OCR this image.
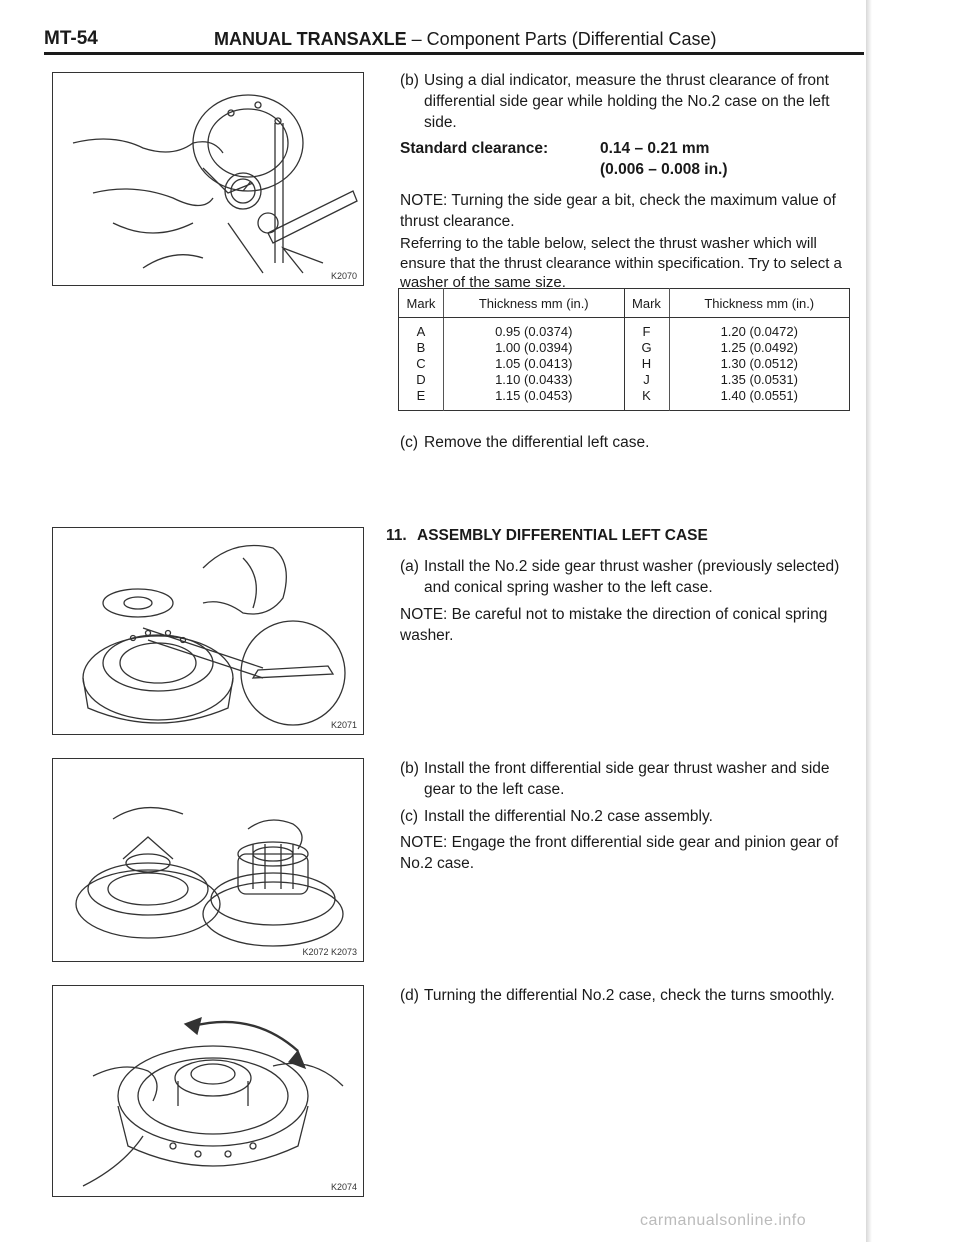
MT-54	MANUAL TRANSAXLE – Component Parts (Differential Case)
K2070
K2071
K2072 K2073
K2074
(b) Using a dial indicator, measure the thrust clearance of front differential side gear while holding the No.2 case on the left side.
Standard clearance:	0.14 – 0.21 mm
(0.006 – 0.008 in.)
NOTE: Turning the side gear a bit, check the maximum value of thrust clearance.
Referring to the table below, select the thrust washer which will ensure that the thrust clearance within specification. Try to select a washer of the same size.
Mark	Thickness mm (in.)	Mark	Thickness mm (in.)
A	0.95 (0.0374)	F	1.20 (0.0472)
B	1.00 (0.0394)	G	1.25 (0.0492)
C	1.05 (0.0413)	H	1.30 (0.0512)
D	1.10 (0.0433)	J	1.35 (0.0531)
E	1.15 (0.0453)	K	1.40 (0.0551)
(c) Remove the differential left case.
11. ASSEMBLY DIFFERENTIAL LEFT CASE
(a) Install the No.2 side gear thrust washer (previously selected) and conical spring washer to the left case.
NOTE: Be careful not to mistake the direction of conical spring washer.
(b) Install the front differential side gear thrust washer and side gear to the left case.
(c) Install the differential No.2 case assembly.
NOTE: Engage the front differential side gear and pinion gear of No.2 case.
(d) Turning the differential No.2 case, check the turns smoothly.
carmanualsonline.info
